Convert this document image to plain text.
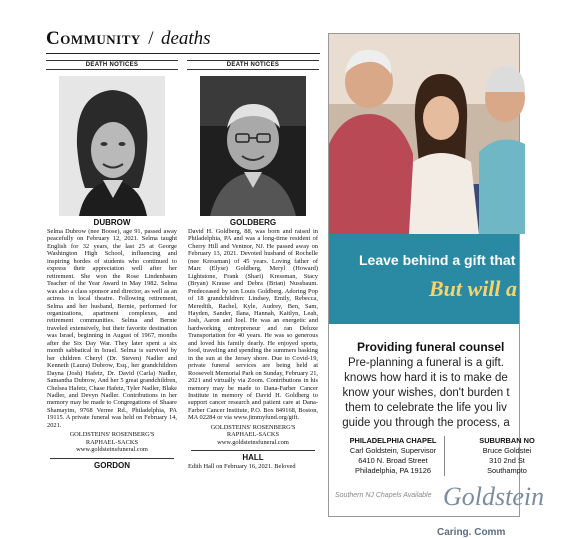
Community / deaths
DEATH NOTICES
DUBROW
Selma Dubrow (nee Boose), age 91, passed away peacefully on February 12, 2021. Selma taught English for 32 years, the last 25 at George Washington High School, influencing and inspiring hordes of students who continued to express their appreciation well after her retirement. She won the Rose Lindenbaum Teacher of the Year Award in May 1982. Selma was also a class sponsor and director, as well as an actress in local theatre. Following retirement, Selma and her husband, Bernie, performed for organizations, apartment complexes, and retirement communities. Selma and Bernie traveled extensively, but their favorite destination was Israel, beginning in August of 1967, months after the Six Day War. They later spent a six month sabbatical in Israel. Selma is survived by her children Cheryl (Dr. Steven) Nadler and Kenneth (Laura) Dubrow, Esq., her grandchildren Dayna (Josh) Hafetz, Dr. David (Carla) Nadler, Samantha Dubrow, And her 5 great grandchildren, Chelsea Hafetz, Chase Hafetz, Tyler Nadler, Blake Nadler, and Devyn Nadler. Contributions in her memory may be made to Congregations of Shaare Shamayim, 9768 Verree Rd., Philadelphia, PA 19115. A private funeral was held on February 14, 2021.
GOLDSTEINS' ROSENBERG'S
RAPHAEL-SACKS
www.goldsteinsfuneral.com
GORDON
DEATH NOTICES
GOLDBERG
David H. Goldberg, 88, was born and raised in Philadelphia, PA and was a long-time resident of Cherry Hill and Ventnor, NJ. He passed away on February 13, 2021. Devoted husband of Rochelle (nee Kressman) of 45 years. Loving father of Marc (Elyse) Goldberg, Meryl (Howard) Lightstone, Frank (Shari) Kressman, Stacy (Bryan) Krause and Debra (Brian) Nussbaum. Predeceased by son Louis Goldberg. Adoring Pop of 18 grandchildren: Lindsey, Emily, Rebecca, Meredith, Rachel, Kyle, Audrey, Ben, Sam, Hayden, Sander, Ilana, Hannah, Kaitlyn, Leah, Josh, Aaron and Joel. He was an energetic and hardworking entrepreneur and ran Deluxe Transportation for 40 years. He was so generous and loved his family dearly. He enjoyed sports, food, traveling and spending the summers basking in the sun at the Jersey shore. Due to Covid-19, private funeral services are being held at Roosevelt Memorial Park on Sunday, February 21, 2021 and virtually via Zoom. Contributions in his memory may be made to Dana-Farber Cancer Institute in memory of David H. Goldberg to support cancer research and patient care at Dana-Farber Cancer Institute, P.O. Box 849168, Boston, MA 02284 or via www.jimmyfund.org/gift.
GOLDSTEINS' ROSENBERG'S
RAPHAEL-SACKS
www.goldsteinsfuneral.com
HALL
Edith Hall on February 16, 2021. Beloved
Leave behind a gift that
But will a
Providing funeral counsel
Pre-planning a funeral is a gift.
knows how hard it is to make de
know your wishes, don't burden t
them to celebrate the life you liv
guide you through the process, a
PHILADELPHIA CHAPEL
Carl Goldstein, Supervisor
6410 N. Broad Street
Philadelphia, PA 19126
SUBURBAN NO
Bruce Goldstei
310 2nd St
Southampto
Southern NJ Chapels Available Goldstein
Caring. Comm
